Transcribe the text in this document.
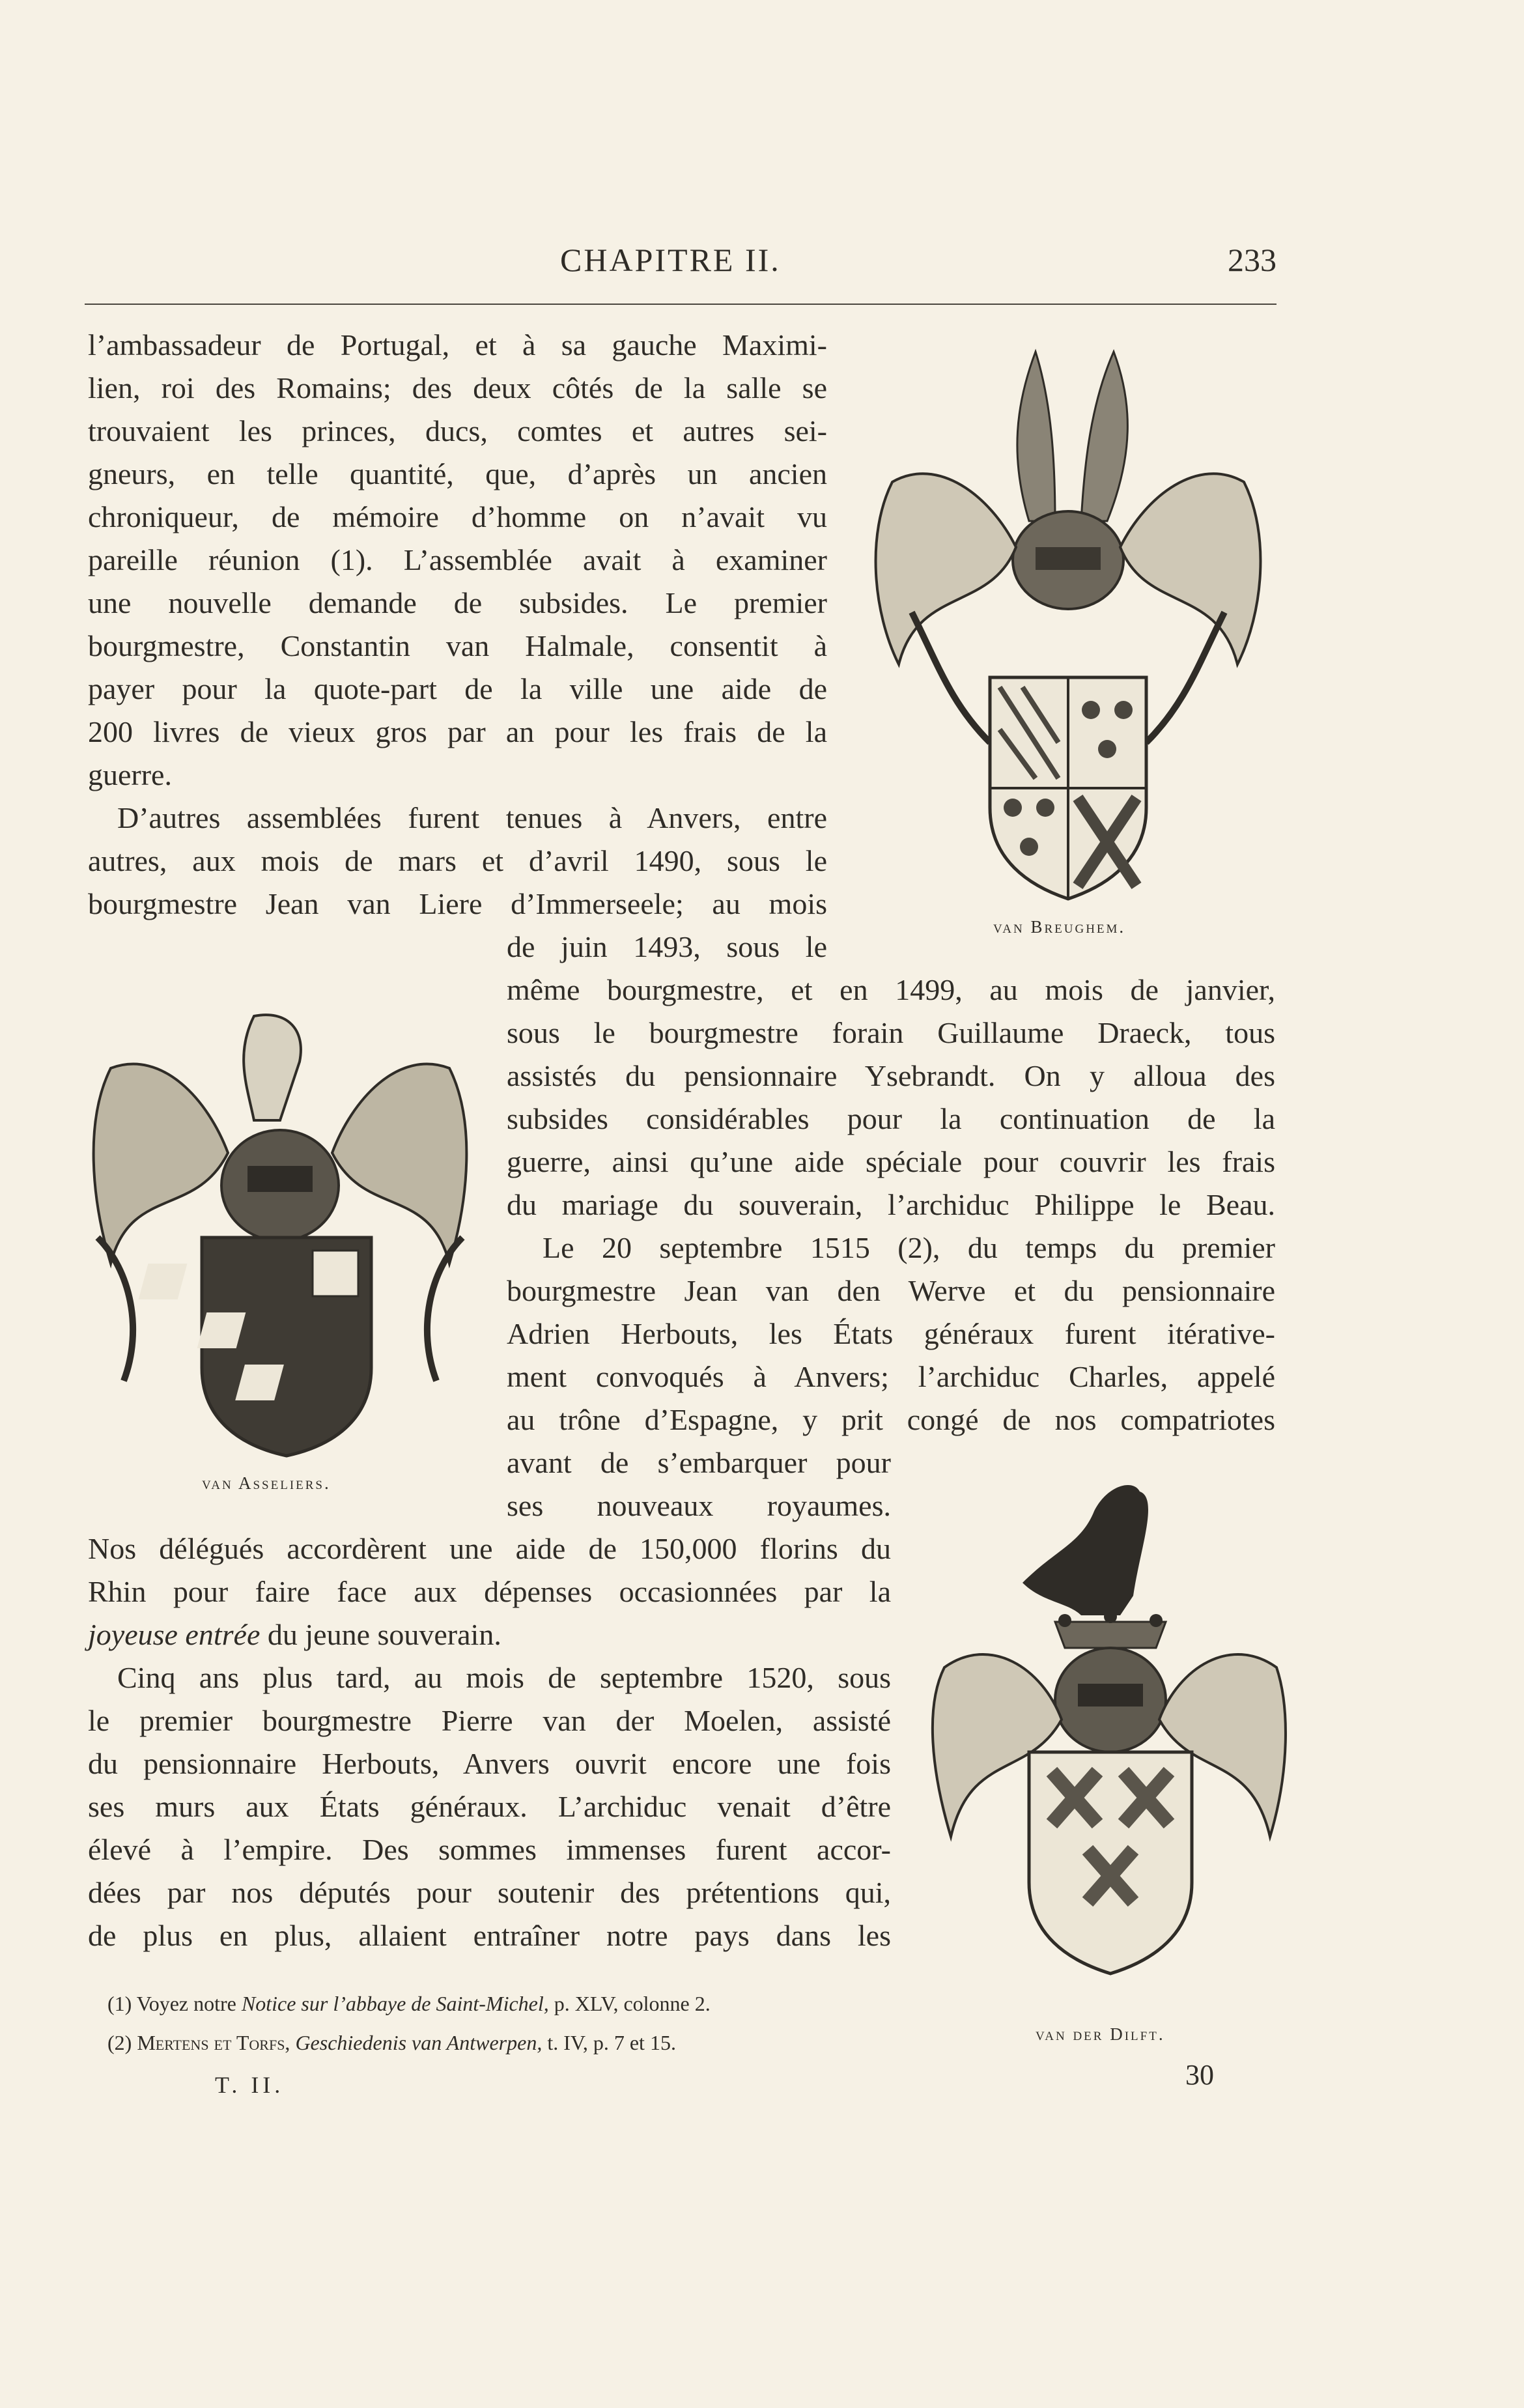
CHAPITRE II.	233
l’ambassadeur de Portugal, et à sa gauche Maximi-
lien, roi des Romains; des deux côtés de la salle se
trouvaient les princes, ducs, comtes et autres sei-
gneurs, en telle quantité, que, d’après un ancien
chroniqueur, de mémoire d’homme on n’avait vu
pareille réunion (1). L’assemblée avait à examiner
une nouvelle demande de subsides. Le premier
bourgmestre, Constantin van Halmale, consentit à
payer pour la quote-part de la ville une aide de
200 livres de vieux gros par an pour les frais de la
guerre.
D’autres assemblées furent tenues à Anvers, entre
autres, aux mois de mars et d’avril 1490, sous le
bourgmestre Jean van Liere d’Immerseele; au mois
de juin 1493, sous le
même bourgmestre, et en 1499, au mois de janvier,
sous le bourgmestre forain Guillaume Draeck, tous
assistés du pensionnaire Ysebrandt. On y alloua des
subsides considérables pour la continuation de la
guerre, ainsi qu’une aide spéciale pour couvrir les frais
du mariage du souverain, l’archiduc Philippe le Beau.
Le 20 septembre 1515 (2), du temps du premier
bourgmestre Jean van den Werve et du pensionnaire
Adrien Herbouts, les États généraux furent itérative-
ment convoqués à Anvers; l’archiduc Charles, appelé
au trône d’Espagne, y prit congé de nos compatriotes
avant de s’embarquer pour
ses nouveaux royaumes.
Nos délégués accordèrent une aide de 150,000 florins du
Rhin pour faire face aux dépenses occasionnées par la
joyeuse entrée du jeune souverain.
Cinq ans plus tard, au mois de septembre 1520, sous
le premier bourgmestre Pierre van der Moelen, assisté
du pensionnaire Herbouts, Anvers ouvrit encore une fois
ses murs aux États généraux. L’archiduc venait d’être
élevé à l’empire. Des sommes immenses furent accor-
dées par nos députés pour soutenir des prétentions qui,
de plus en plus, allaient entraîner notre pays dans les
van Breughem.
van Asseliers.
van der Dilft.
(1) Voyez notre Notice sur l’abbaye de Saint-Michel, p. XLV, colonne 2.
(2) Mertens et Torfs, Geschiedenis van Antwerpen, t. IV, p. 7 et 15.
T. II.	30
